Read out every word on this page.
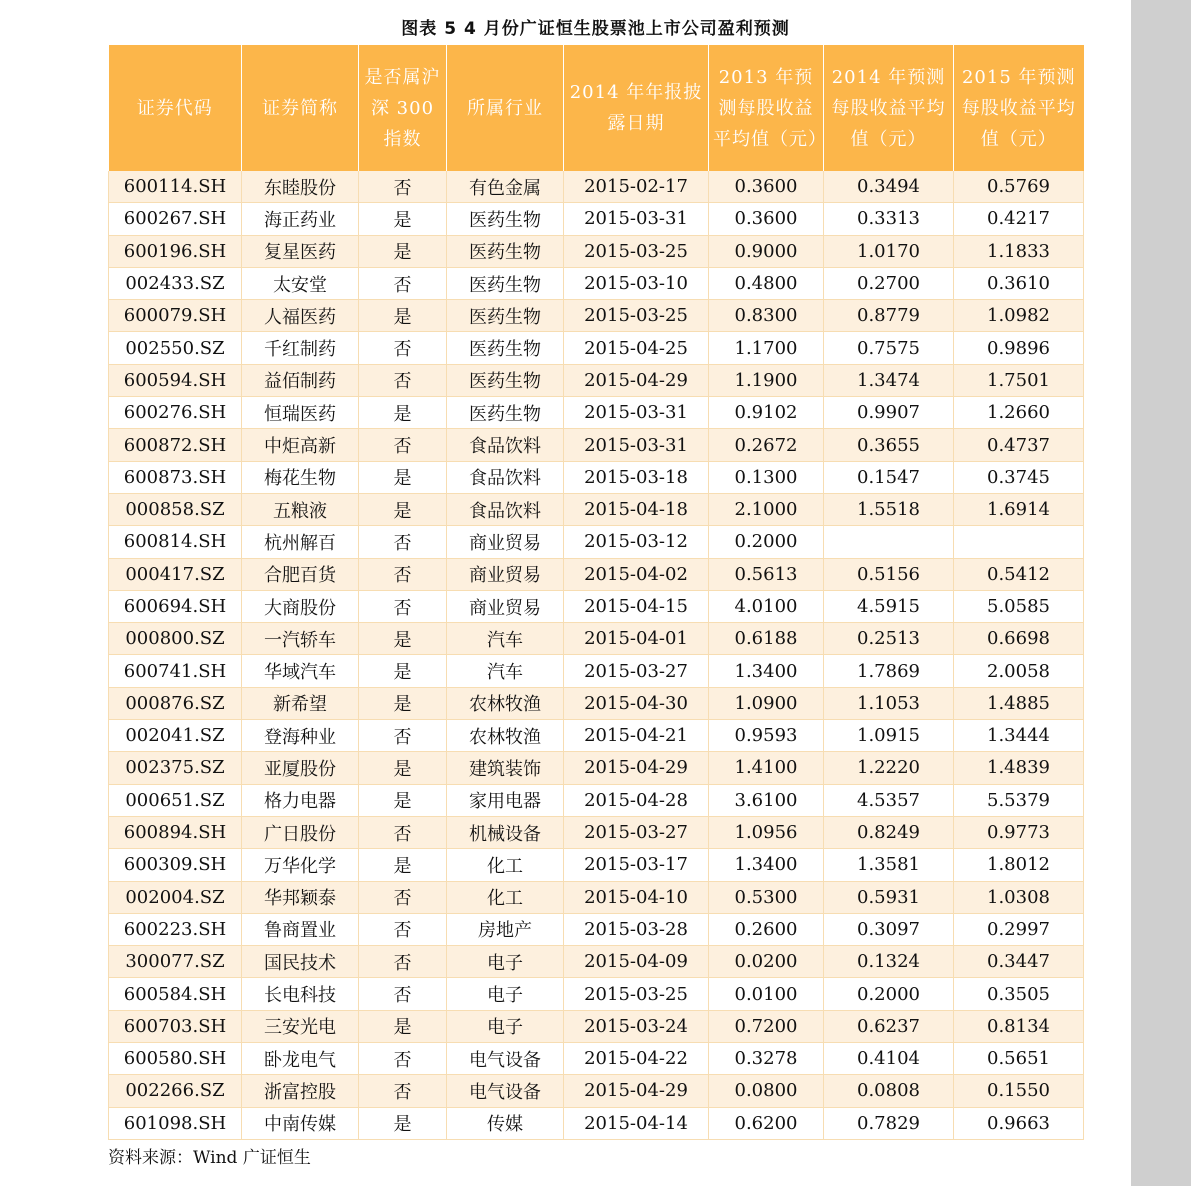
图表 5 4 月份广证恒生股票池上市公司盈利预测
证券代码	证券简称	是否属沪深 300 指数	所属行业	2014 年年报披露日期	2013 年预测每股收益平均值（元）	2014 年预测每股收益平均值（元）	2015 年预测每股收益平均值（元）
600114.SH	东睦股份	否	有色金属	2015-02-17	0.3600	0.3494	0.5769
600267.SH	海正药业	是	医药生物	2015-03-31	0.3600	0.3313	0.4217
600196.SH	复星医药	是	医药生物	2015-03-25	0.9000	1.0170	1.1833
002433.SZ	太安堂	否	医药生物	2015-03-10	0.4800	0.2700	0.3610
600079.SH	人福医药	是	医药生物	2015-03-25	0.8300	0.8779	1.0982
002550.SZ	千红制药	否	医药生物	2015-04-25	1.1700	0.7575	0.9896
600594.SH	益佰制药	否	医药生物	2015-04-29	1.1900	1.3474	1.7501
600276.SH	恒瑞医药	是	医药生物	2015-03-31	0.9102	0.9907	1.2660
600872.SH	中炬高新	否	食品饮料	2015-03-31	0.2672	0.3655	0.4737
600873.SH	梅花生物	是	食品饮料	2015-03-18	0.1300	0.1547	0.3745
000858.SZ	五粮液	是	食品饮料	2015-04-18	2.1000	1.5518	1.6914
600814.SH	杭州解百	否	商业贸易	2015-03-12	0.2000		
000417.SZ	合肥百货	否	商业贸易	2015-04-02	0.5613	0.5156	0.5412
600694.SH	大商股份	否	商业贸易	2015-04-15	4.0100	4.5915	5.0585
000800.SZ	一汽轿车	是	汽车	2015-04-01	0.6188	0.2513	0.6698
600741.SH	华域汽车	是	汽车	2015-03-27	1.3400	1.7869	2.0058
000876.SZ	新希望	是	农林牧渔	2015-04-30	1.0900	1.1053	1.4885
002041.SZ	登海种业	否	农林牧渔	2015-04-21	0.9593	1.0915	1.3444
002375.SZ	亚厦股份	是	建筑装饰	2015-04-29	1.4100	1.2220	1.4839
000651.SZ	格力电器	是	家用电器	2015-04-28	3.6100	4.5357	5.5379
600894.SH	广日股份	否	机械设备	2015-03-27	1.0956	0.8249	0.9773
600309.SH	万华化学	是	化工	2015-03-17	1.3400	1.3581	1.8012
002004.SZ	华邦颖泰	否	化工	2015-04-10	0.5300	0.5931	1.0308
600223.SH	鲁商置业	否	房地产	2015-03-28	0.2600	0.3097	0.2997
300077.SZ	国民技术	否	电子	2015-04-09	0.0200	0.1324	0.3447
600584.SH	长电科技	否	电子	2015-03-25	0.0100	0.2000	0.3505
600703.SH	三安光电	是	电子	2015-03-24	0.7200	0.6237	0.8134
600580.SH	卧龙电气	否	电气设备	2015-04-22	0.3278	0.4104	0.5651
002266.SZ	浙富控股	否	电气设备	2015-04-29	0.0800	0.0808	0.1550
601098.SH	中南传媒	是	传媒	2015-04-14	0.6200	0.7829	0.9663
资料来源：Wind 广证恒生
